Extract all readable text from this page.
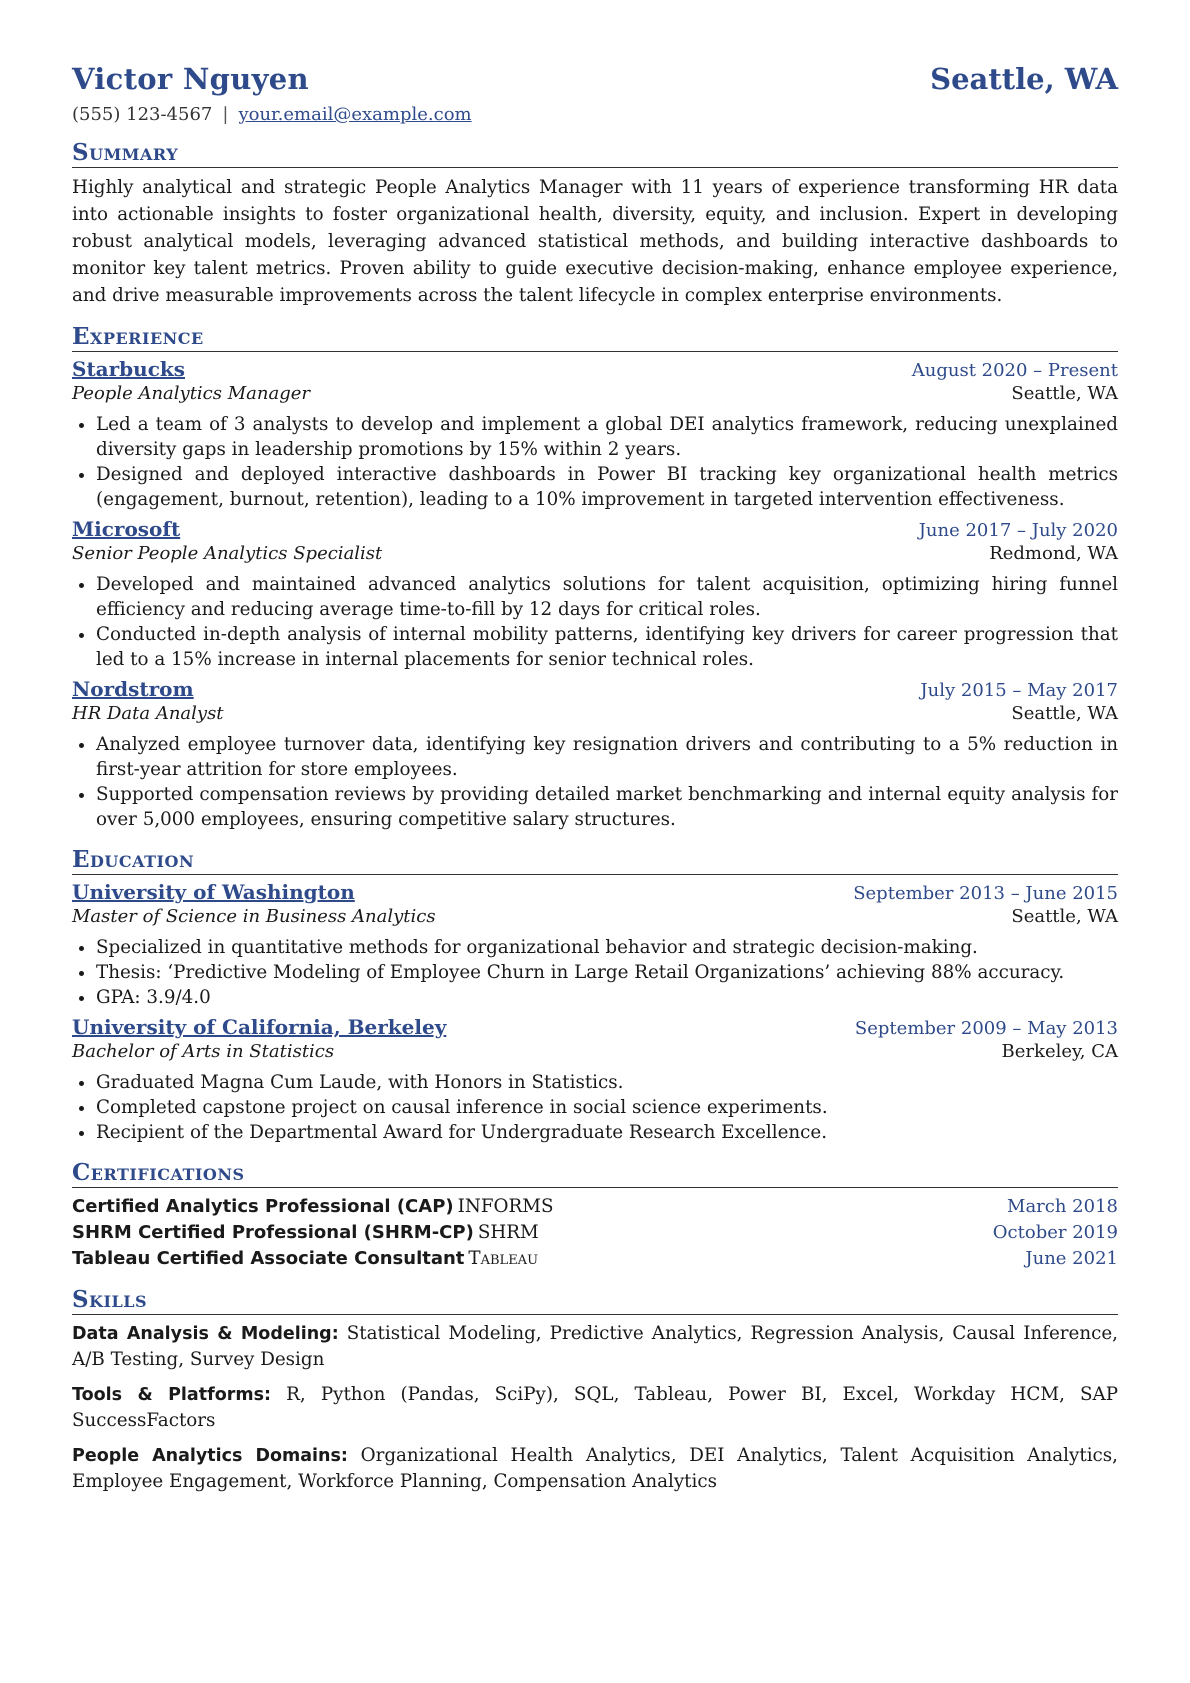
Victor Nguyen	Seattle, WA
(555) 123-4567 | your.email@example.com
Summary
Highly analytical and strategic People Analytics Manager with 11 years of experience transforming HR data into actionable insights to foster organizational health, diversity, equity, and inclusion. Expert in developing robust analytical models, leveraging advanced statistical methods, and building interactive dashboards to monitor key talent metrics. Proven ability to guide executive decision-making, enhance employee experience, and drive measurable improvements across the talent lifecycle in complex enterprise environments.
Experience
Starbucks	August 2020 – Present
People Analytics Manager	Seattle, WA
• Led a team of 3 analysts to develop and implement a global DEI analytics framework, reducing unexplained diversity gaps in leadership promotions by 15% within 2 years.
• Designed and deployed interactive dashboards in Power BI tracking key organizational health metrics (engagement, burnout, retention), leading to a 10% improvement in targeted intervention effectiveness.
Microsoft	June 2017 – July 2020
Senior People Analytics Specialist	Redmond, WA
• Developed and maintained advanced analytics solutions for talent acquisition, optimizing hiring funnel efficiency and reducing average time-to-fill by 12 days for critical roles.
• Conducted in-depth analysis of internal mobility patterns, identifying key drivers for career progression that led to a 15% increase in internal placements for senior technical roles.
Nordstrom	July 2015 – May 2017
HR Data Analyst	Seattle, WA
• Analyzed employee turnover data, identifying key resignation drivers and contributing to a 5% reduction in first-year attrition for store employees.
• Supported compensation reviews by providing detailed market benchmarking and internal equity analysis for over 5,000 employees, ensuring competitive salary structures.
Education
University of Washington	September 2013 – June 2015
Master of Science in Business Analytics	Seattle, WA
• Specialized in quantitative methods for organizational behavior and strategic decision-making.
• Thesis: ‘Predictive Modeling of Employee Churn in Large Retail Organizations’ achieving 88% accuracy.
• GPA: 3.9/4.0
University of California, Berkeley	September 2009 – May 2013
Bachelor of Arts in Statistics	Berkeley, CA
• Graduated Magna Cum Laude, with Honors in Statistics.
• Completed capstone project on causal inference in social science experiments.
• Recipient of the Departmental Award for Undergraduate Research Excellence.
Certifications
Certified Analytics Professional (CAP) INFORMS	March 2018
SHRM Certified Professional (SHRM-CP) SHRM	October 2019
Tableau Certified Associate Consultant Tableau	June 2021
Skills
Data Analysis & Modeling: Statistical Modeling, Predictive Analytics, Regression Analysis, Causal Inference, A/B Testing, Survey Design
Tools & Platforms: R, Python (Pandas, SciPy), SQL, Tableau, Power BI, Excel, Workday HCM, SAP SuccessFactors
People Analytics Domains: Organizational Health Analytics, DEI Analytics, Talent Acquisition Analytics, Employee Engagement, Workforce Planning, Compensation Analytics
